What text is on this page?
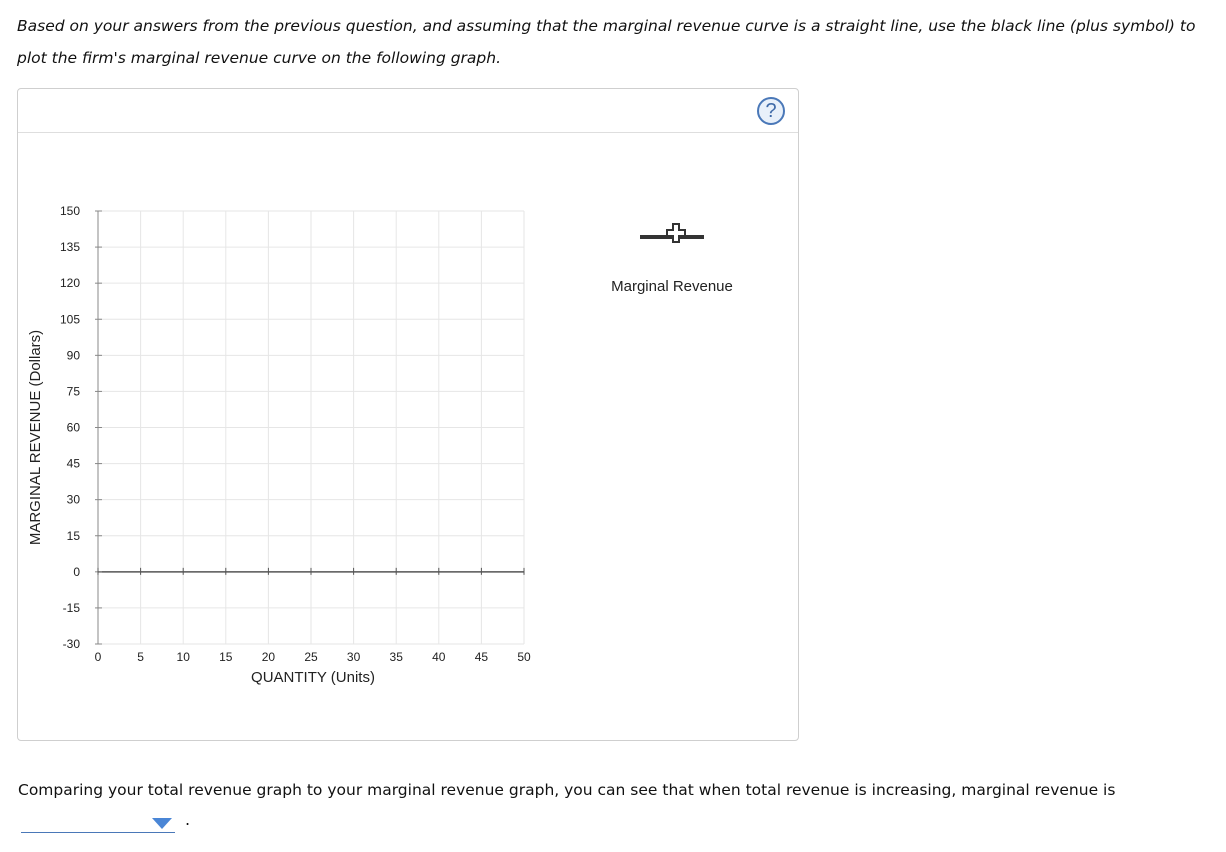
Based on your answers from the previous question, and assuming that the marginal revenue curve is a straight line, use the black line (plus symbol) to plot the firm's marginal revenue curve on the following graph.

?
-30
-15
0
15
30
45
60
75
90
105
120
135
150
0	5	10 15 20 25 30 35 40 45 50
MARGINAL REVENUE (Dollars)
QUANTITY (Units)
Marginal Revenue

Comparing your total revenue graph to your marginal revenue graph, you can see that when total revenue is increasing, marginal revenue is

.
